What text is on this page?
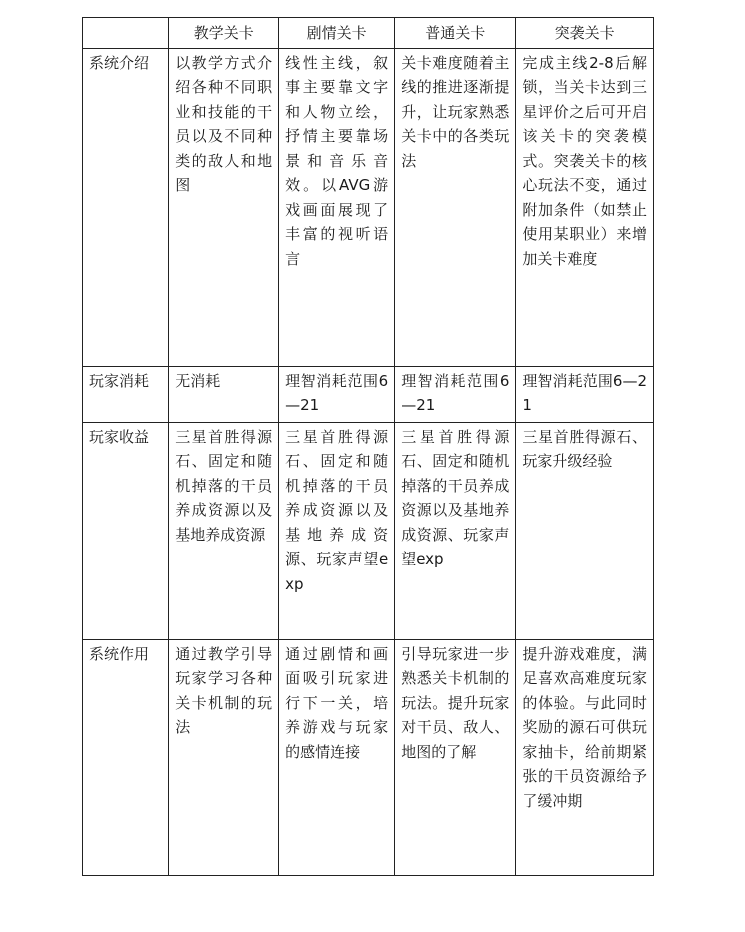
	教学关卡	剧情关卡	普通关卡	突袭关卡
系统介绍	以教学方式介绍各种不同职业和技能的干员以及不同种类的敌人和地图	线性主线，叙事主要靠文字和人物立绘，抒情主要靠场景和音乐音效。以AVG游戏画面展现了丰富的视听语言	关卡难度随着主线的推进逐渐提升，让玩家熟悉关卡中的各类玩法	完成主线2-8后解锁，当关卡达到三星评价之后可开启该关卡的突袭模式。突袭关卡的核心玩法不变，通过附加条件（如禁止使用某职业）来增加关卡难度
玩家消耗	无消耗	理智消耗范围6—21	理智消耗范围6—21	理智消耗范围6—21
玩家收益	三星首胜得源石、固定和随机掉落的干员养成资源以及基地养成资源	三星首胜得源石、固定和随机掉落的干员养成资源以及基地养成资源、玩家声望exp	三星首胜得源石、固定和随机掉落的干员养成资源以及基地养成资源、玩家声望exp	三星首胜得源石、玩家升级经验
系统作用	通过教学引导玩家学习各种关卡机制的玩法	通过剧情和画面吸引玩家进行下一关，培养游戏与玩家的感情连接	引导玩家进一步熟悉关卡机制的玩法。提升玩家对干员、敌人、地图的了解	提升游戏难度，满足喜欢高难度玩家的体验。与此同时奖励的源石可供玩家抽卡，给前期紧张的干员资源给予了缓冲期
